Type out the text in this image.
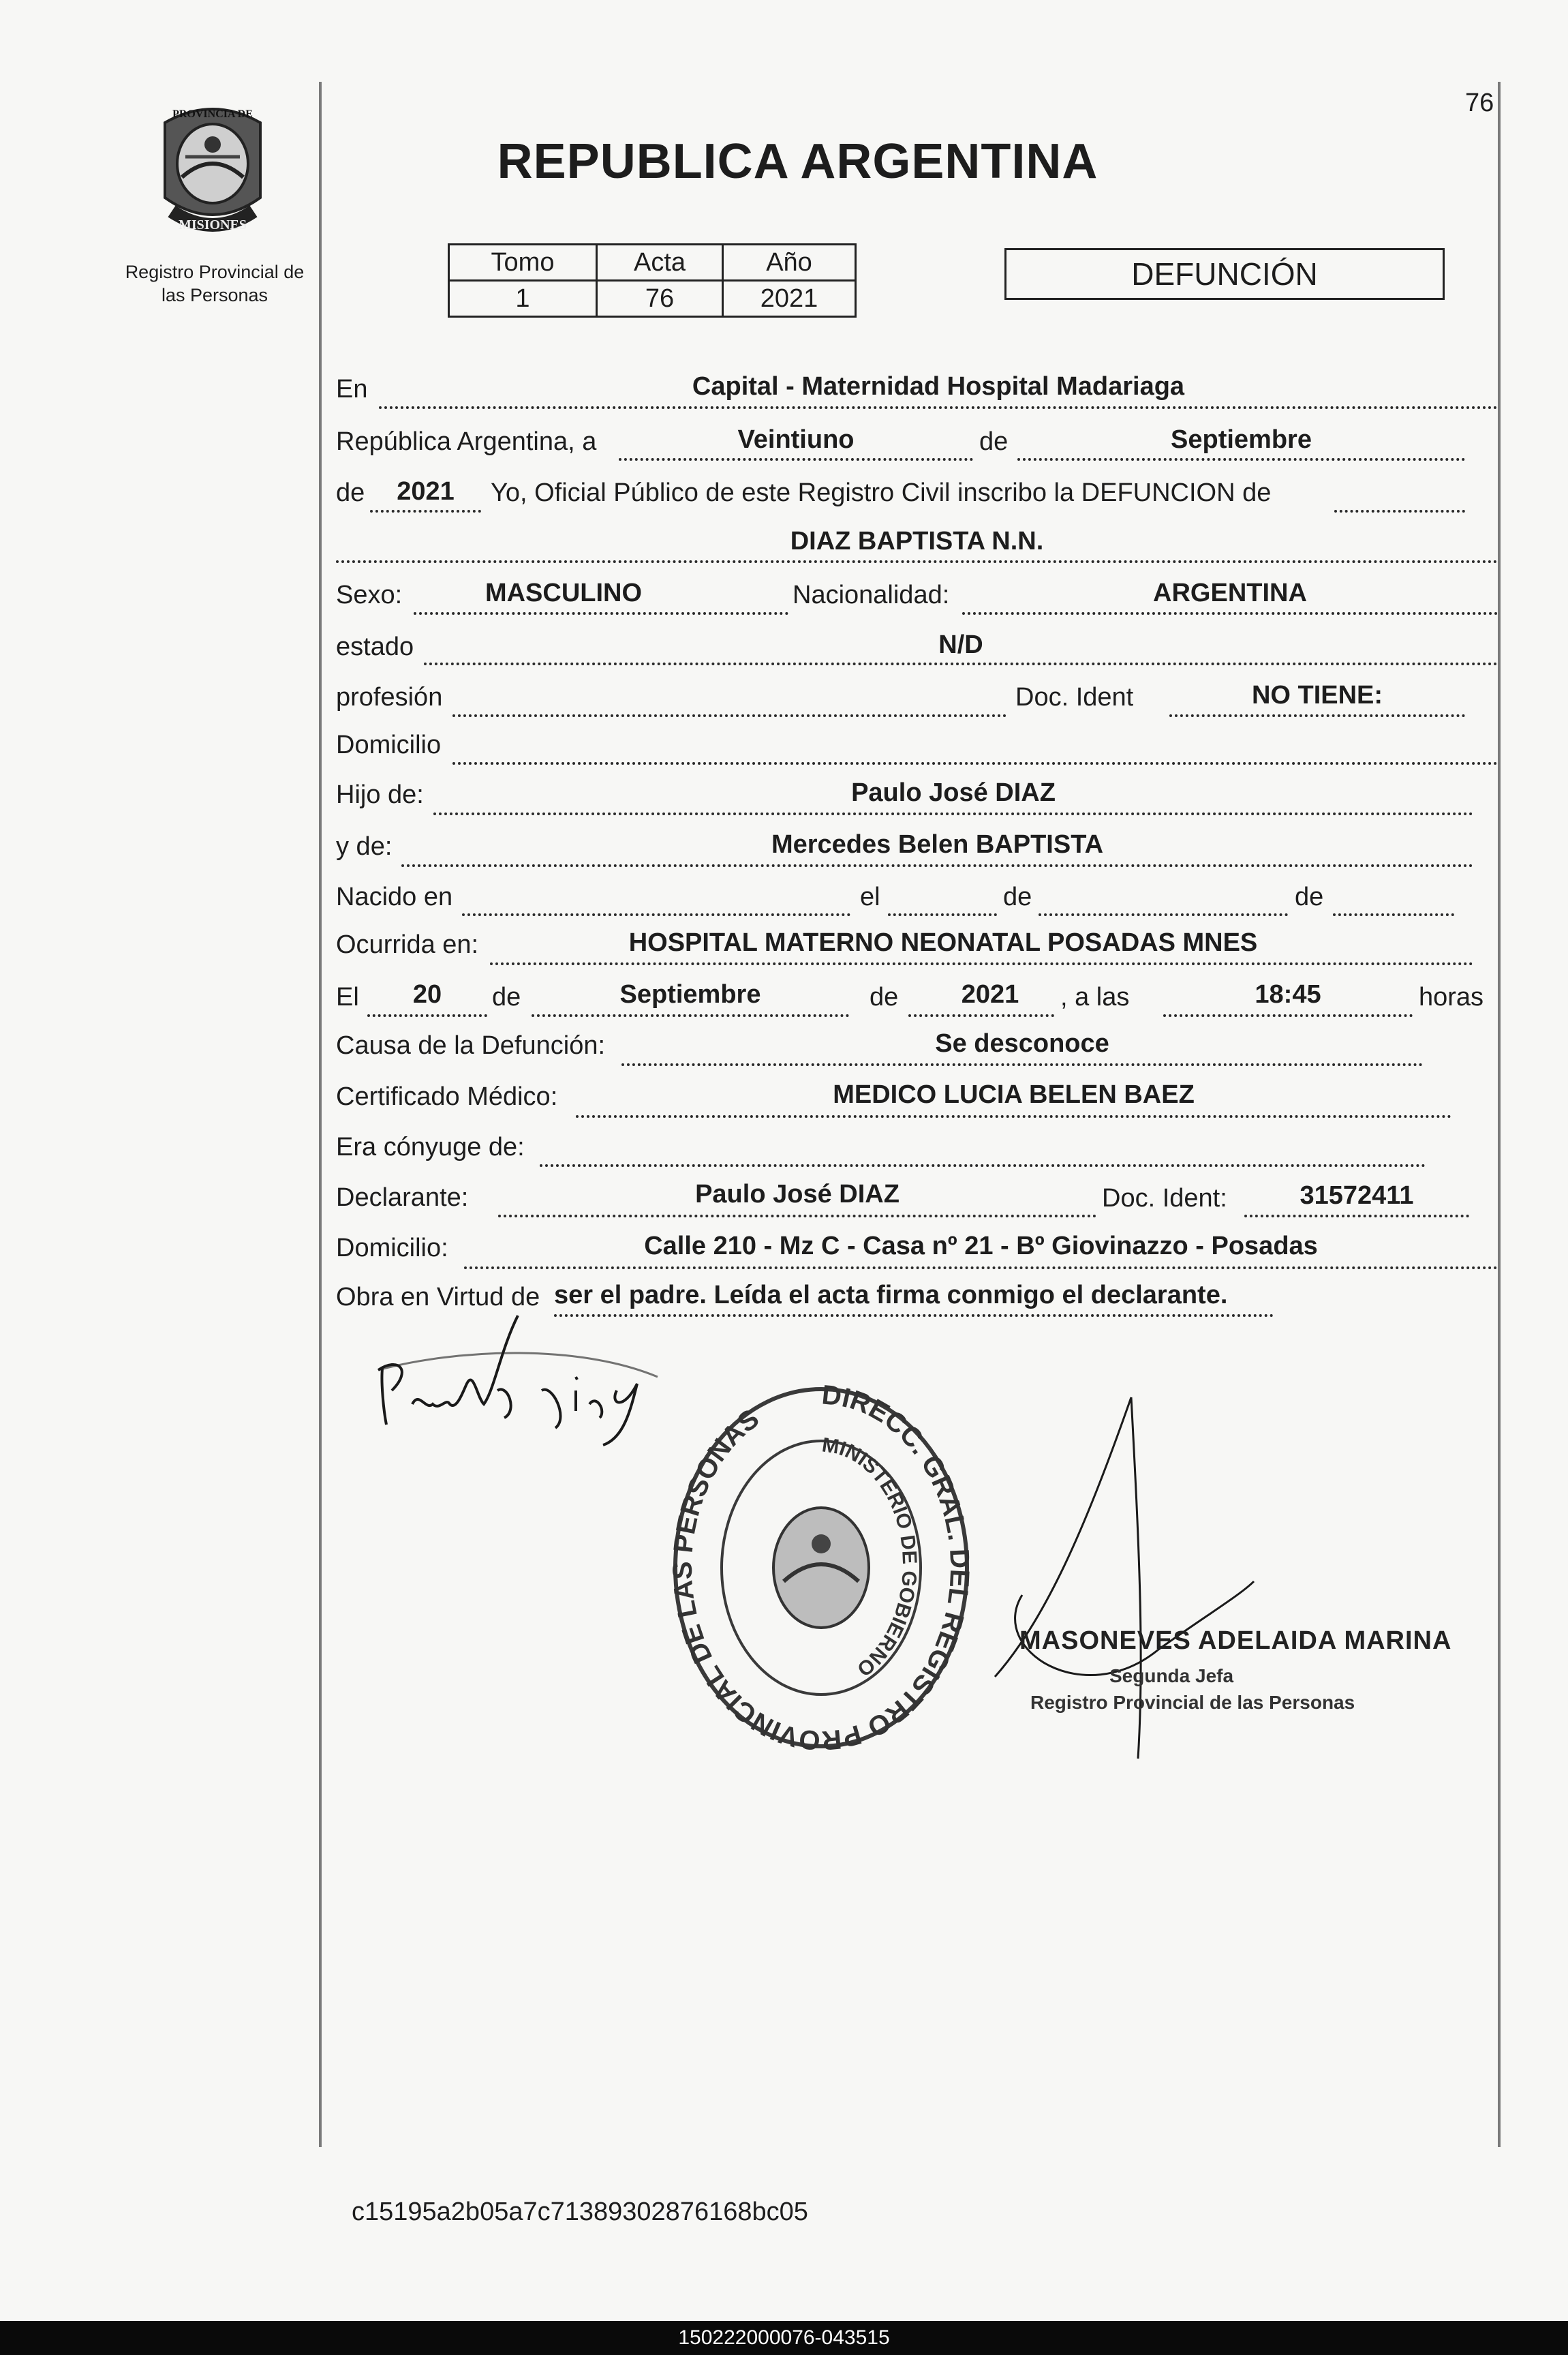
76
PROVINCIA DE
MISIONES
Registro Provincial de
las Personas
REPUBLICA ARGENTINA
Tomo	Acta	Año
1	76	2021
DEFUNCIÓN
En	Capital - Maternidad Hospital Madariaga
República Argentina, a	Veintiuno	de	Septiembre
de	2021	Yo, Oficial Público de este Registro Civil inscribo la DEFUNCION de
DIAZ BAPTISTA N.N.
Sexo:	MASCULINO	Nacionalidad:	ARGENTINA
estado	N/D
profesión	Doc. Ident	NO TIENE:
Domicilio
Hijo de:	Paulo José DIAZ
y de:	Mercedes Belen BAPTISTA
Nacido en	el	de	de
Ocurrida en:	HOSPITAL MATERNO NEONATAL POSADAS MNES
El	20	de	Septiembre	de	2021	, a las	18:45	horas
Causa de la Defunción:	Se desconoce
Certificado Médico:	MEDICO LUCIA BELEN BAEZ
Era cónyuge de:
Declarante:	Paulo José DIAZ	Doc. Ident:	31572411
Domicilio:	Calle 210 - Mz C - Casa nº 21 - Bº Giovinazzo - Posadas
Obra en Virtud de ser el padre. Leída el acta firma conmigo el declarante.
DIRECC. GRAL. DEL REGISTRO PROVINCIAL DE LAS PERSONAS
MINISTERIO DE GOBIERNO
MASONEVES ADELAIDA MARINA
Segunda Jefa
Registro Provincial de las Personas
c15195a2b05a7c71389302876168bc05
150222000076-043515
